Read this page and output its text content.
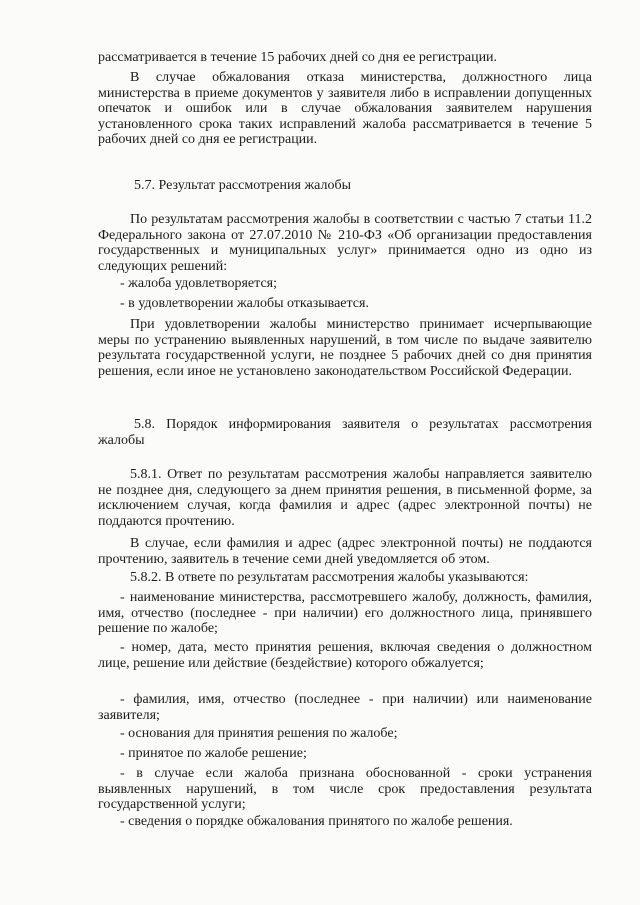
рассматривается в течение 15 рабочих дней со дня ее регистрации.

В случае обжалования отказа министерства, должностного лица министерства в приеме документов у заявителя либо в исправлении допущенных опечаток и ошибок или в случае обжалования заявителем нарушения установленного срока таких исправлений жалоба рассматривается в течение 5 рабочих дней со дня ее регистрации.

5.7. Результат рассмотрения жалобы

По результатам рассмотрения жалобы в соответствии с частью 7 статьи 11.2 Федерального закона от 27.07.2010 № 210-ФЗ «Об организации предоставления государственных и муниципальных услуг» принимается одно из одно из следующих решений:

- жалоба удовлетворяется;

- в удовлетворении жалобы отказывается.

При удовлетворении жалобы министерство принимает исчерпывающие меры по устранению выявленных нарушений, в том числе по выдаче заявителю результата государственной услуги, не позднее 5 рабочих дней со дня принятия решения, если иное не установлено законодательством Российской Федерации.

5.8. Порядок информирования заявителя о результатах рассмотрения жалобы

5.8.1. Ответ по результатам рассмотрения жалобы направляется заявителю не позднее дня, следующего за днем принятия решения, в письменной форме, за исключением случая, когда фамилия и адрес (адрес электронной почты) не поддаются прочтению.

В случае, если фамилия и адрес (адрес электронной почты) не поддаются прочтению, заявитель в течение семи дней уведомляется об этом.

5.8.2. В ответе по результатам рассмотрения жалобы указываются:

- наименование министерства, рассмотревшего жалобу, должность, фамилия, имя, отчество (последнее - при наличии) его должностного лица, принявшего решение по жалобе;

- номер, дата, место принятия решения, включая сведения о должностном лице, решение или действие (бездействие) которого обжалуется;

- фамилия, имя, отчество (последнее - при наличии) или наименование заявителя;

- основания для принятия решения по жалобе;

- принятое по жалобе решение;

- в случае если жалоба признана обоснованной - сроки устранения выявленных нарушений, в том числе срок предоставления результата государственной услуги;

- сведения о порядке обжалования принятого по жалобе решения.
